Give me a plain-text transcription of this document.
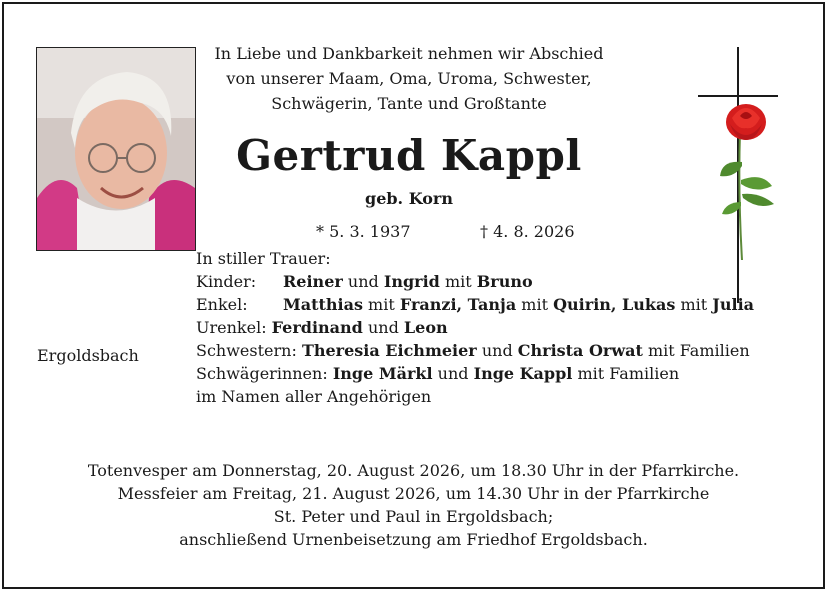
In Liebe und Dankbarkeit nehmen wir Abschied
von unserer Maam, Oma, Uroma, Schwester,
Schwägerin, Tante und Großtante
Gertrud Kappl
geb. Korn
* 5. 3. 1937	† 4. 8. 2026
Ergoldsbach
In stiller Trauer:
Kinder: Reiner und Ingrid mit Bruno
Enkel: Matthias mit Franzi, Tanja mit Quirin, Lukas mit Julia
Urenkel: Ferdinand und Leon
Schwestern: Theresia Eichmeier und Christa Orwat mit Familien
Schwägerinnen: Inge Märkl und Inge Kappl mit Familien
im Namen aller Angehörigen
Totenvesper am Donnerstag, 20. August 2026, um 18.30 Uhr in der Pfarrkirche.
Messfeier am Freitag, 21. August 2026, um 14.30 Uhr in der Pfarrkirche
St. Peter und Paul in Ergoldsbach;
anschließend Urnenbeisetzung am Friedhof Ergoldsbach.
